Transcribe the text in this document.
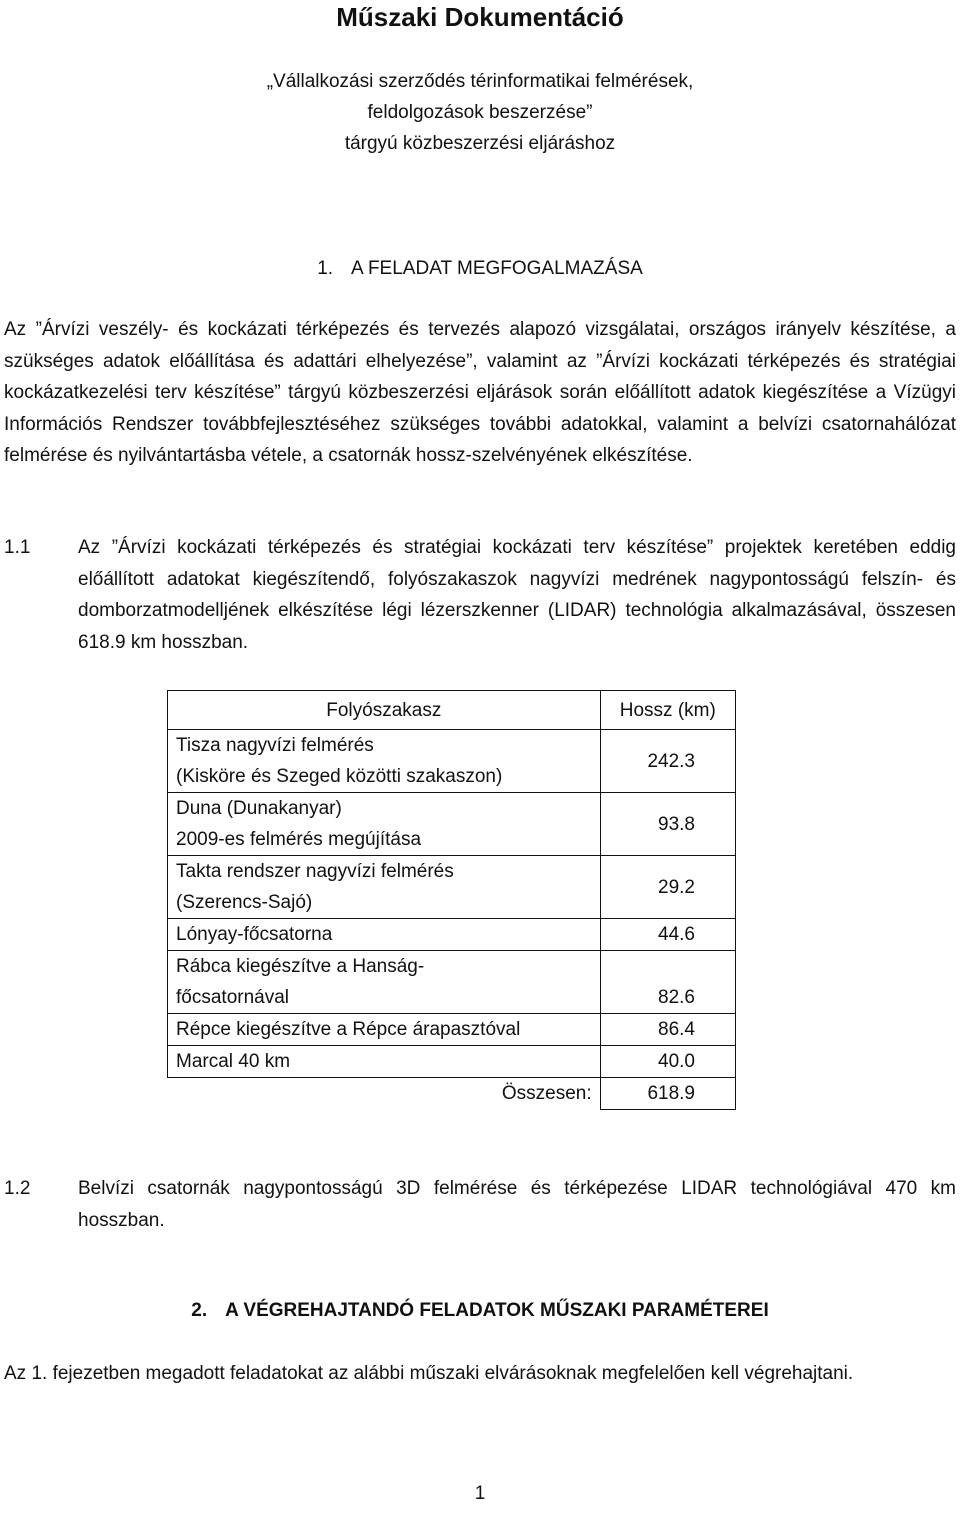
Műszaki Dokumentáció
„Vállalkozási szerződés térinformatikai felmérések,
feldolgozások beszerzése”
tárgyú közbeszerzési eljáráshoz
1. A FELADAT MEGFOGALMAZÁSA
Az ”Árvízi veszély- és kockázati térképezés és tervezés alapozó vizsgálatai, országos irányelv készítése, a szükséges adatok előállítása és adattári elhelyezése”, valamint az ”Árvízi kockázati térképezés és stratégiai kockázatkezelési terv készítése” tárgyú közbeszerzési eljárások során előállított adatok kiegészítése a Vízügyi Információs Rendszer továbbfejlesztéséhez szükséges további adatokkal, valamint a belvízi csatornahálózat felmérése és nyilvántartásba vétele, a csatornák hossz-szelvényének elkészítése.
1.1	Az ”Árvízi kockázati térképezés és stratégiai kockázati terv készítése” projektek keretében eddig előállított adatokat kiegészítendő, folyószakaszok nagyvízi medrének nagypontosságú felszín- és domborzatmodelljének elkészítése légi lézerszkenner (LIDAR) technológia alkalmazásával, összesen 618.9 km hosszban.
Folyószakasz	Hossz (km)

Tisza nagyvízi felmérés
(Kisköre és Szeged közötti szakaszon)	242.3

Duna (Dunakanyar)
2009-es felmérés megújítása	93.8

Takta rendszer nagyvízi felmérés
(Szerencs-Sajó)	29.2
Lónyay-főcsatorna	44.6

Rábca kiegészítve a Hanság-
főcsatornával	82.6
Répce kiegészítve a Répce árapasztóval	86.4
Marcal 40 km	40.0
Összesen:	618.9
1.2	Belvízi csatornák nagypontosságú 3D felmérése és térképezése LIDAR technológiával 470 km hosszban.
2. A VÉGREHAJTANDÓ FELADATOK MŰSZAKI PARAMÉTEREI
Az 1. fejezetben megadott feladatokat az alábbi műszaki elvárásoknak megfelelően kell végrehajtani.
1
